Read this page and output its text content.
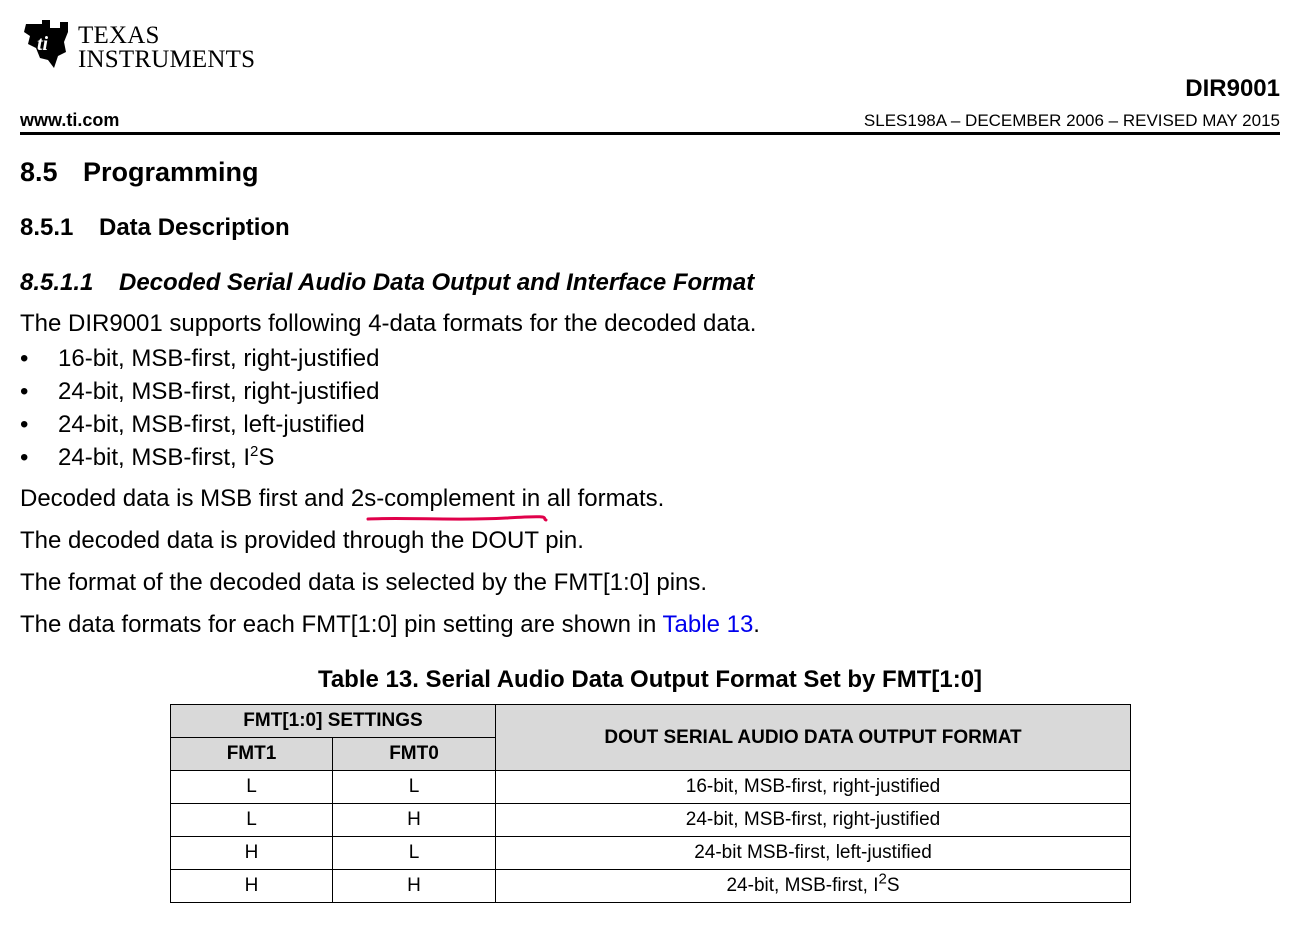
ti TEXAS
INSTRUMENTS
DIR9001
www.ti.com	SLES198A – DECEMBER 2006 – REVISED MAY 2015
8.5 Programming
8.5.1 Data Description
8.5.1.1 Decoded Serial Audio Data Output and Interface Format
The DIR9001 supports following 4-data formats for the decoded data.
• 16-bit, MSB-first, right-justified
• 24-bit, MSB-first, right-justified
• 24-bit, MSB-first, left-justified
• 24-bit, MSB-first, $I^2S$
Decoded data is MSB first and 2s-complement in all formats.
The decoded data is provided through the DOUT pin.
The format of the decoded data is selected by the FMT[1:0] pins.
The data formats for each FMT[1:0] pin setting are shown in Table 13.
Table 13. Serial Audio Data Output Format Set by FMT[1:0]
FMT[1:0] SETTINGS		DOUT SERIAL AUDIO DATA OUTPUT FORMAT
FMT1	FMT0	
L	L	16-bit, MSB-first, right-justified
L	H	24-bit, MSB-first, right-justified
H	L	24-bit MSB-first, left-justified
H	H	24-bit, MSB-first, $I^2S$
